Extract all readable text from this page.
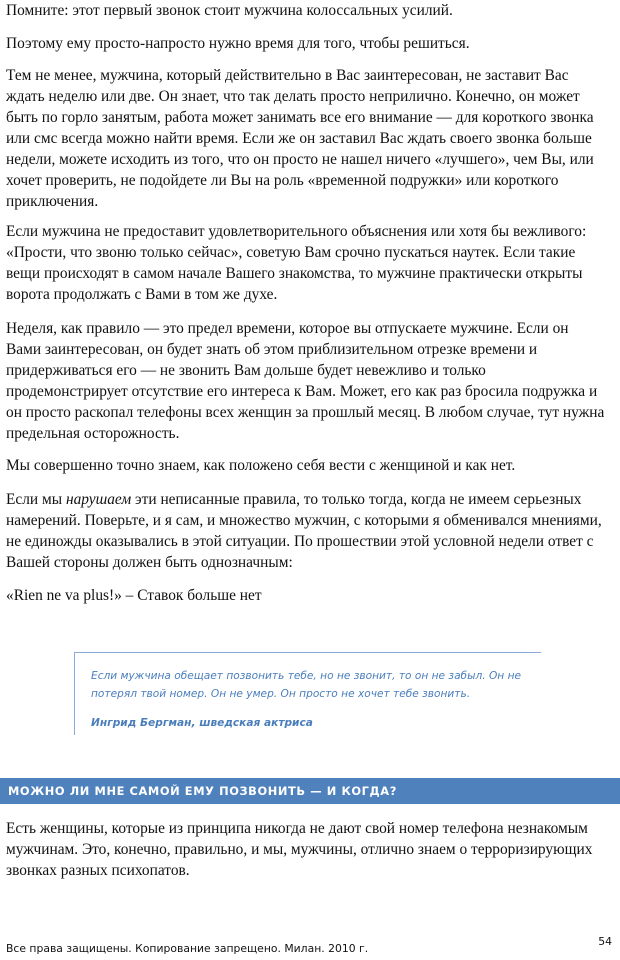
Помните: этот первый звонок стоит мужчина колоссальных усилий.

Поэтому ему просто-напросто нужно время для того, чтобы решиться.

Тем не менее, мужчина, который действительно в Вас заинтересован, не заставит Вас
ждать неделю или две. Он знает, что так делать просто неприлично. Конечно, он может
быть по горло занятым, работа может занимать все его внимание — для короткого звонка
или смс всегда можно найти время. Если же он заставил Вас ждать своего звонка больше
недели, можете исходить из того, что он просто не нашел ничего «лучшего», чем Вы, или
хочет проверить, не подойдете ли Вы на роль «временной подружки» или короткого
приключения.

Если мужчина не предоставит удовлетворительного объяснения или хотя бы вежливого:
«Прости, что звоню только сейчас», советую Вам срочно пускаться наутек. Если такие
вещи происходят в самом начале Вашего знакомства, то мужчине практически открыты
ворота продолжать с Вами в том же духе.

Неделя, как правило — это предел времени, которое вы отпускаете мужчине. Если он
Вами заинтересован, он будет знать об этом приблизительном отрезке времени и
придерживаться его — не звонить Вам дольше будет невежливо и только
продемонстрирует отсутствие его интереса к Вам. Может, его как раз бросила подружка и
он просто раскопал телефоны всех женщин за прошлый месяц. В любом случае, тут нужна
предельная осторожность.

Мы совершенно точно знаем, как положено себя вести с женщиной и как нет.

Если мы нарушаем эти неписанные правила, то только тогда, когда не имеем серьезных
намерений. Поверьте, и я сам, и множество мужчин, с которыми я обменивался мнениями,
не единожды оказывались в этой ситуации. По прошествии этой условной недели ответ с
Вашей стороны должен быть однозначным:

«Rien ne va plus!» – Ставок больше нет

Если мужчина обещает позвонить тебе, но не звонит, то он не забыл. Он не
потерял твой номер. Он не умер. Он просто не хочет тебе звонить.

Ингрид Бергман, шведская актриса
МОЖНО ЛИ МНЕ САМОЙ ЕМУ ПОЗВОНИТЬ — И КОГДА?

Есть женщины, которые из принципа никогда не дают свой номер телефона незнакомым
мужчинам. Это, конечно, правильно, и мы, мужчины, отлично знаем о терроризирующих
звонках разных психопатов.

Все права защищены. Копирование запрещено. Милан. 2010 г.
54
